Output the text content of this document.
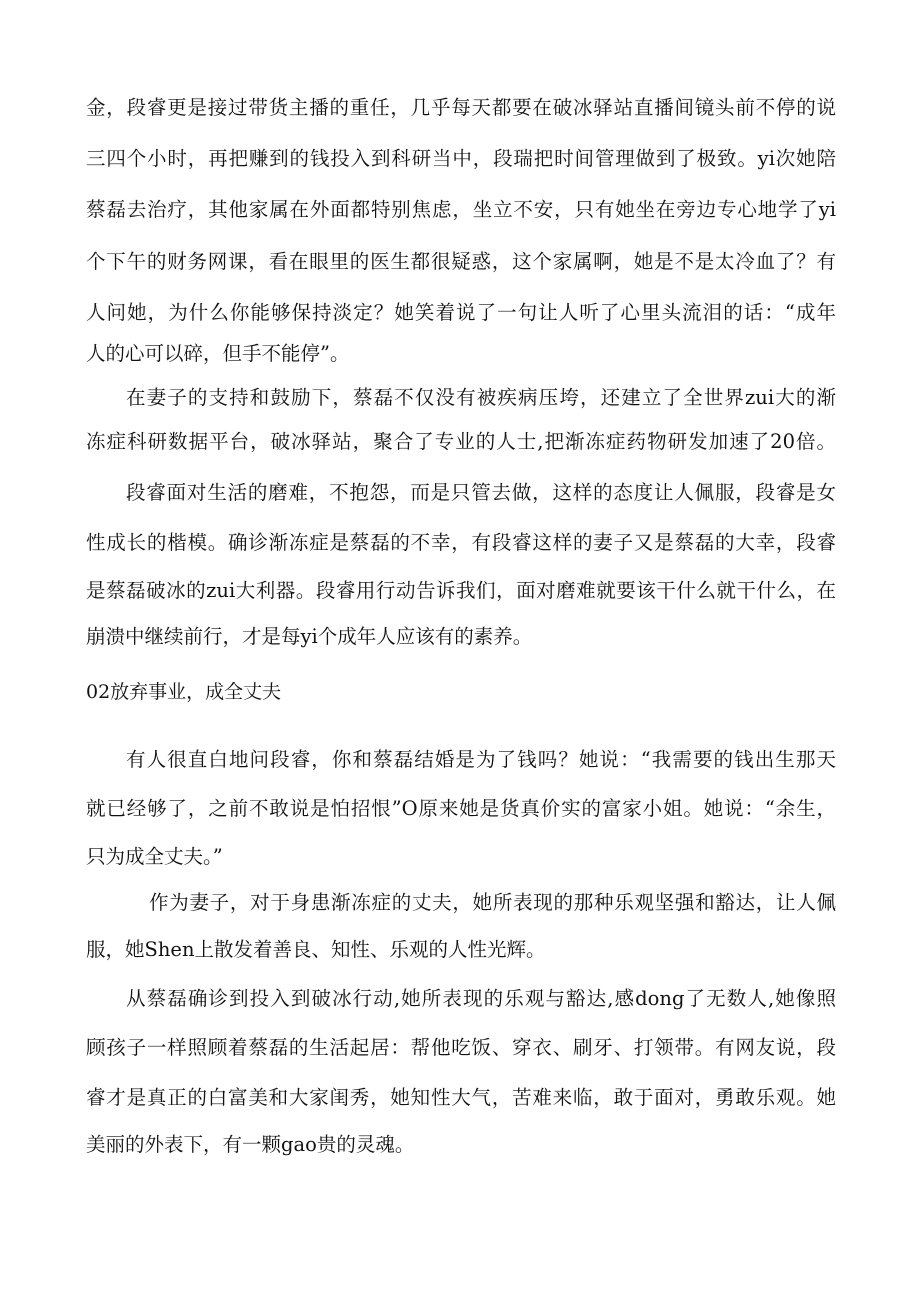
金，段睿更是接过带货主播的重任，几乎每天都要在破冰驿站直播间镜头前不停的说
三四个小时，再把赚到的钱投入到科研当中，段瑞把时间管理做到了极致。yi次她陪
蔡磊去治疗，其他家属在外面都特别焦虑，坐立不安，只有她坐在旁边专心地学了yi
个下午的财务网课，看在眼里的医生都很疑惑，这个家属啊，她是不是太冷血了？有
人问她，为什么你能够保持淡定？她笑着说了一句让人听了心里头流泪的话：“成年
人的心可以碎，但手不能停”。
在妻子的支持和鼓励下，蔡磊不仅没有被疾病压垮，还建立了全世界zui大的渐
冻症科研数据平台，破冰驿站，聚合了专业的人士,把渐冻症药物研发加速了20倍。
段睿面对生活的磨难，不抱怨，而是只管去做，这样的态度让人佩服，段睿是女
性成长的楷模。确诊渐冻症是蔡磊的不幸，有段睿这样的妻子又是蔡磊的大幸，段睿
是蔡磊破冰的zui大利器。段睿用行动告诉我们，面对磨难就要该干什么就干什么，在
崩溃中继续前行，才是每yi个成年人应该有的素养。
02放弃事业，成全丈夫
有人很直白地问段睿，你和蔡磊结婚是为了钱吗？她说：“我需要的钱出生那天
就已经够了，之前不敢说是怕招恨”O原来她是货真价实的富家小姐。她说：“余生，
只为成全丈夫。”
作为妻子，对于身患渐冻症的丈夫，她所表现的那种乐观坚强和豁达，让人佩
服，她Shen上散发着善良、知性、乐观的人性光辉。
从蔡磊确诊到投入到破冰行动,她所表现的乐观与豁达,感dong了无数人,她像照
顾孩子一样照顾着蔡磊的生活起居：帮他吃饭、穿衣、刷牙、打领带。有网友说，段
睿才是真正的白富美和大家闺秀，她知性大气，苦难来临，敢于面对，勇敢乐观。她
美丽的外表下，有一颗gao贵的灵魂。
